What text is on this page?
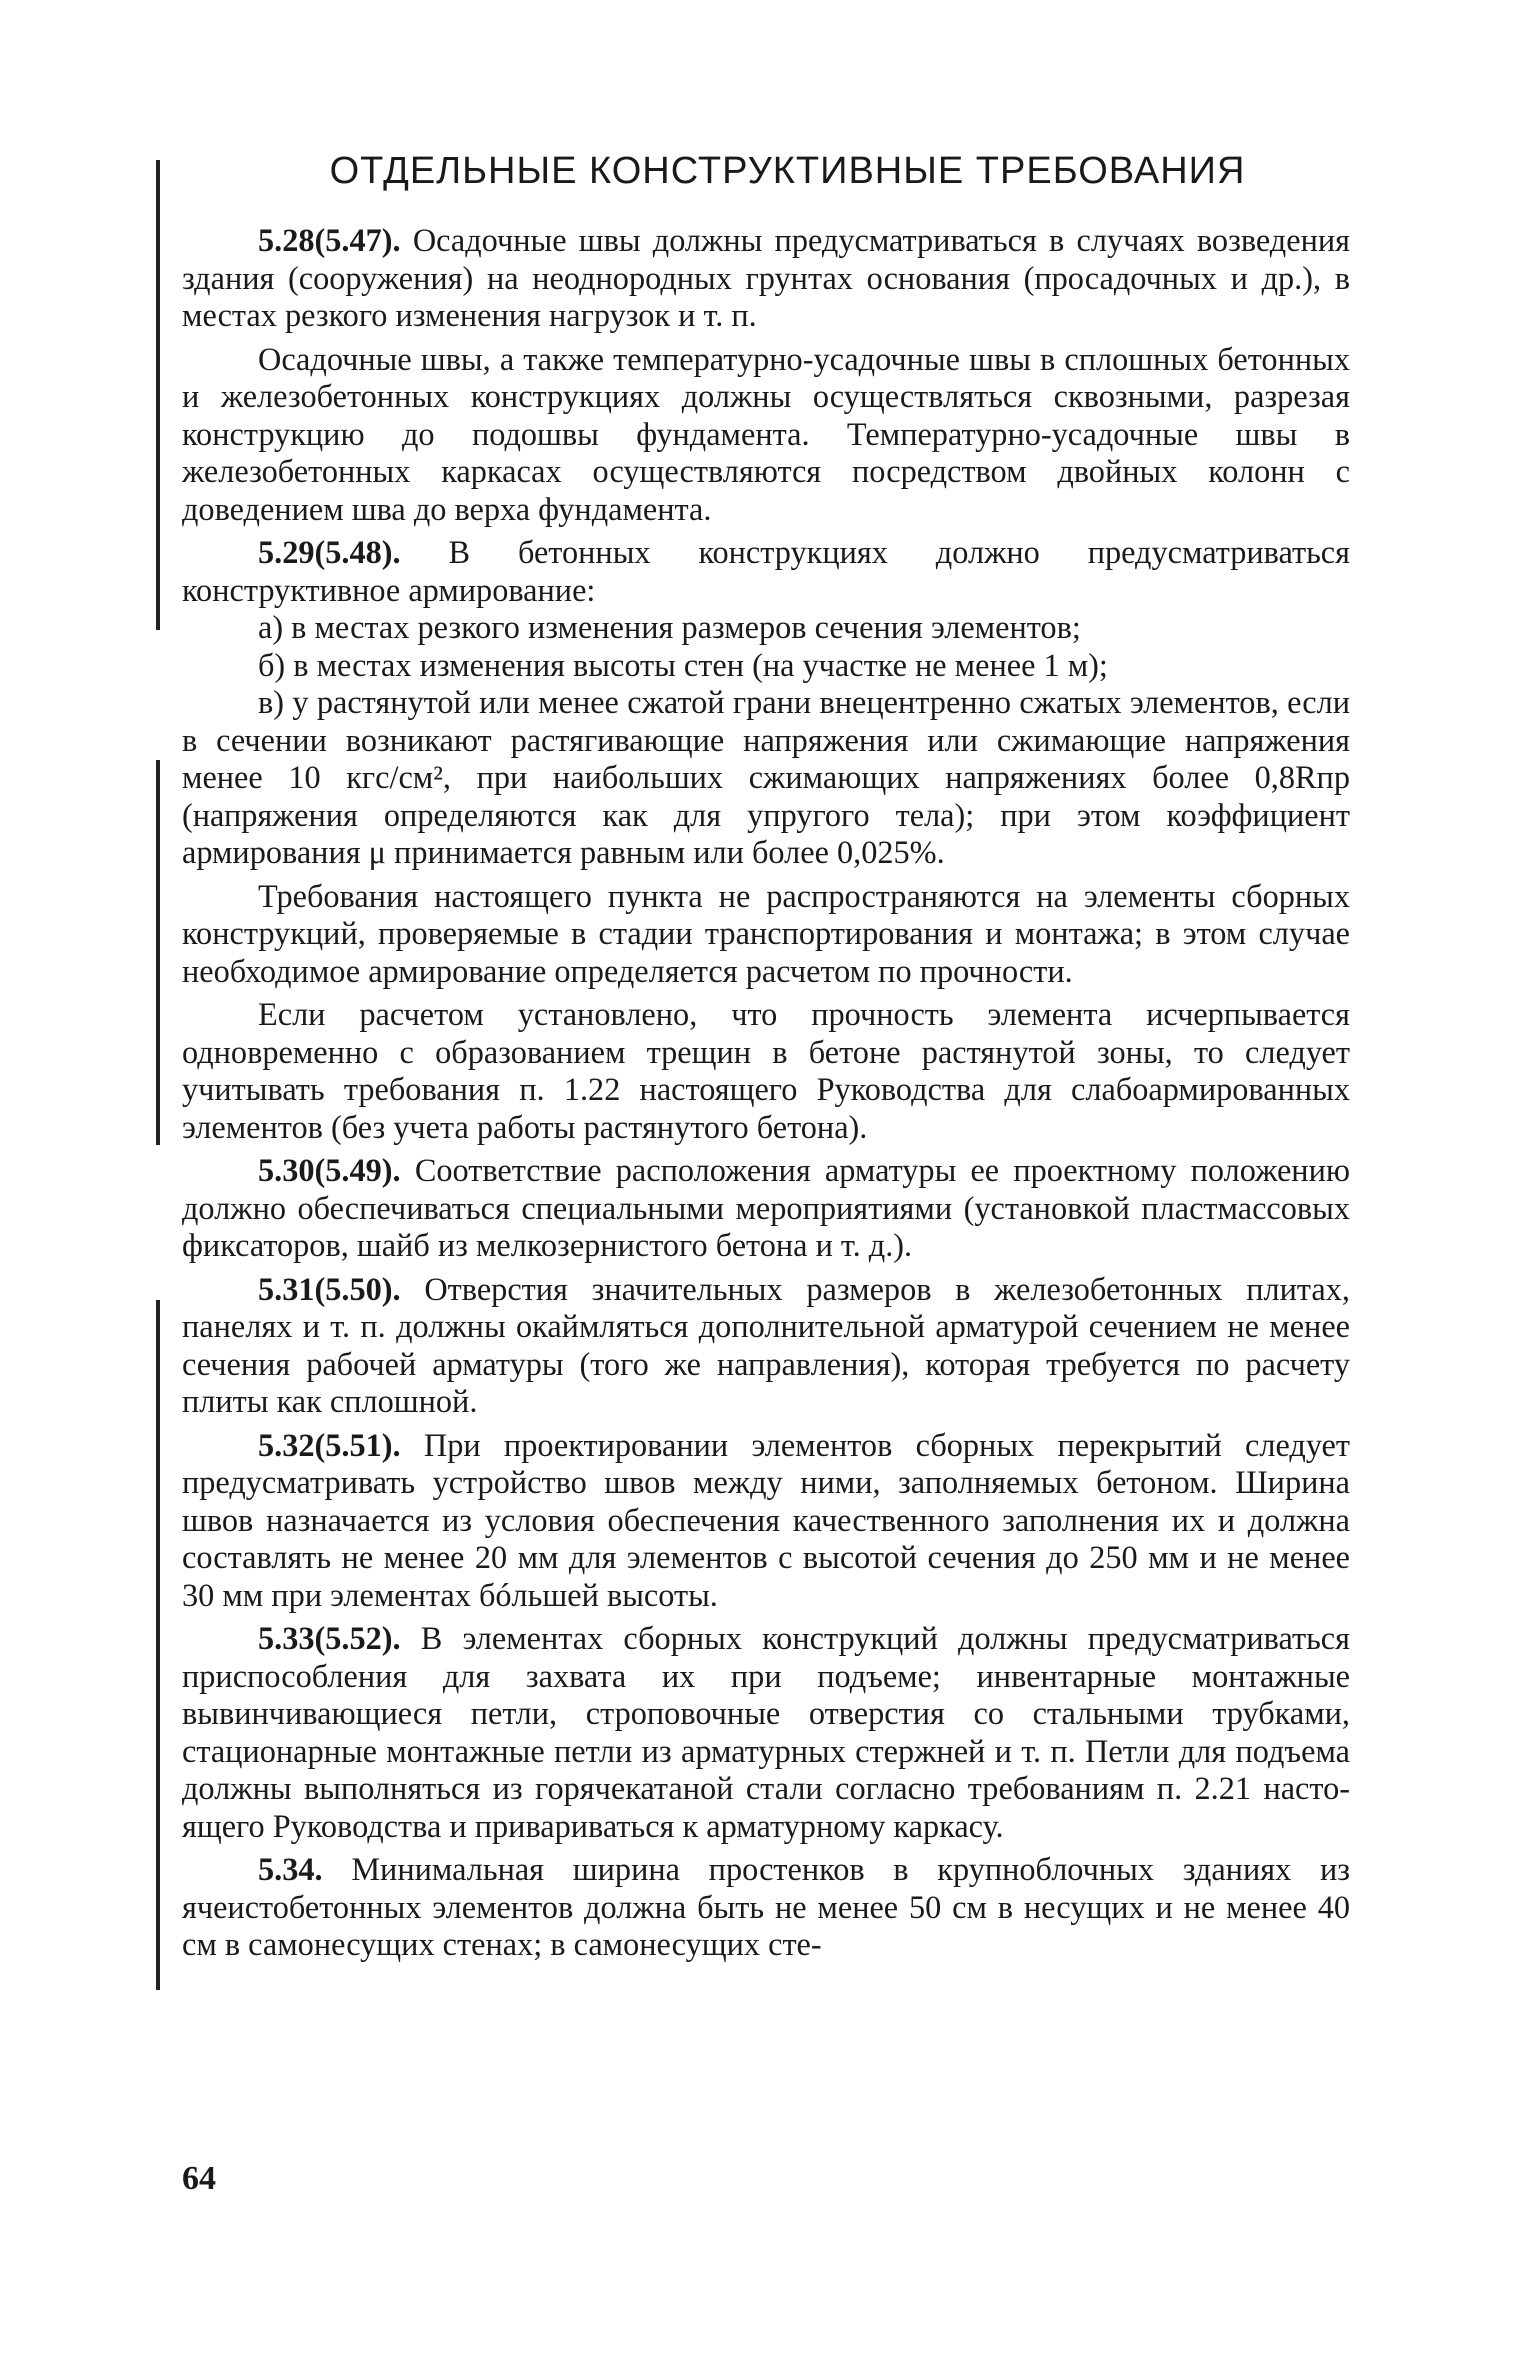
ОТДЕЛЬНЫЕ КОНСТРУКТИВНЫЕ ТРЕБОВАНИЯ

5.28(5.47). Осадочные швы должны предусматриваться в случаях возведения здания (сооружения) на неоднородных грунтах основания (просадочных и др.), в местах резкого изменения нагрузок и т. п.

Осадочные швы, а также температурно-усадочные швы в сплошных бетонных и железобетонных конструкциях должны осуществляться сквозными, разрезая конструкцию до подошвы фундамента. Температурно-усадочные швы в железобетонных каркасах осуществляются посредством двойных колонн с доведением шва до верха фундамента.

5.29(5.48). В бетонных конструкциях должно предусматриваться конструктивное армирование:

а) в местах резкого изменения размеров сечения элементов;

б) в местах изменения высоты стен (на участке не менее 1 м);

в) у растянутой или менее сжатой грани внецентренно сжатых элементов, если в сечении возникают растягивающие напряжения или сжимающие напряжения менее 10 кгс/см², при наибольших сжимающих напряжениях более 0,8Rпр (напряжения определяются как для упругого тела); при этом коэффициент армирования μ принимается равным или более 0,025%.

Требования настоящего пункта не распространяются на элементы сборных конструкций, проверяемые в стадии транспортирования и монтажа; в этом случае необходимое армирование определяется расчетом по прочности.

Если расчетом установлено, что прочность элемента исчерпывается одновременно с образованием трещин в бетоне растянутой зоны, то следует учитывать требования п. 1.22 настоящего Руководства для слабоармированных элементов (без учета работы растянутого бетона).

5.30(5.49). Соответствие расположения арматуры ее проектному положению должно обеспечиваться специальными мероприятиями (установкой пластмассовых фиксаторов, шайб из мелкозернистого бетона и т. д.).

5.31(5.50). Отверстия значительных размеров в железобетонных плитах, панелях и т. п. должны окаймляться дополнительной арматурой сечением не менее сечения рабочей арматуры (того же направления), которая требуется по расчету плиты как сплошной.

5.32(5.51). При проектировании элементов сборных перекрытий следует предусматривать устройство швов между ними, заполняемых бетоном. Ширина швов назначается из условия обеспечения качественного заполнения их и должна составлять не менее 20 мм для элементов с высотой сечения до 250 мм и не менее 30 мм при элементах бóльшей высоты.

5.33(5.52). В элементах сборных конструкций должны предусматриваться приспособления для захвата их при подъеме; инвентарные монтажные вывинчивающиеся петли, строповочные отверстия со стальными трубками, стационарные монтажные петли из арматурных стержней и т. п. Петли для подъема должны выполняться из горячекатаной стали согласно требованиям п. 2.21 настоящего Руководства и привариваться к арматурному каркасу.

5.34. Минимальная ширина простенков в крупноблочных зданиях из ячеистобетонных элементов должна быть не менее 50 см в несущих и не менее 40 см в самонесущих стенах; в самонесущих сте-

64
